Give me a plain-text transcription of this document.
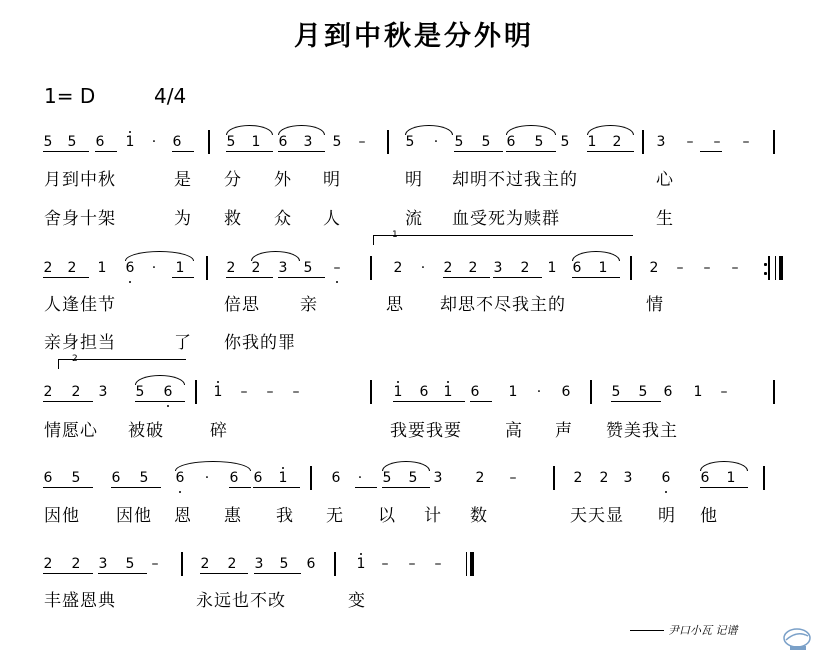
月到中秋是分外明
1= D	4/4
5 5 6 1 · 6	5 1 6 3 5 –	5 · 5 5 6 5 5 1 2	3 – – –
2 2 1 6 · 1	2 2 3 5 –	2 · 2 2 3 2 1 6 1	2 – – –
2 2 3 5 6	1 – – –	1 6 1 6 1 · 6	5 5 6 1 –
6 5 6 5 6 · 6 6 1	6 · 5 5 3 2 –	2 2 3 6 6 1
2 2 3 5 –	2 2 3 5 6	1 – – –
月到中秋	是 分 外 明	明 却明不过我主的	心
舍身十架	为 救 众 人	流 血受死为赎群	生
人逢佳节	倍思 亲	思 却思不尽我主的	情
亲身担当	了 你我的罪
情愿心 被破	碎	我要我要	高 声 赞美我主
因他 因他 恩 惠 我 无 以 计 数	天天显 明 他
丰盛恩典	永远也不改	变
1
2
尹口小瓦 记谱
